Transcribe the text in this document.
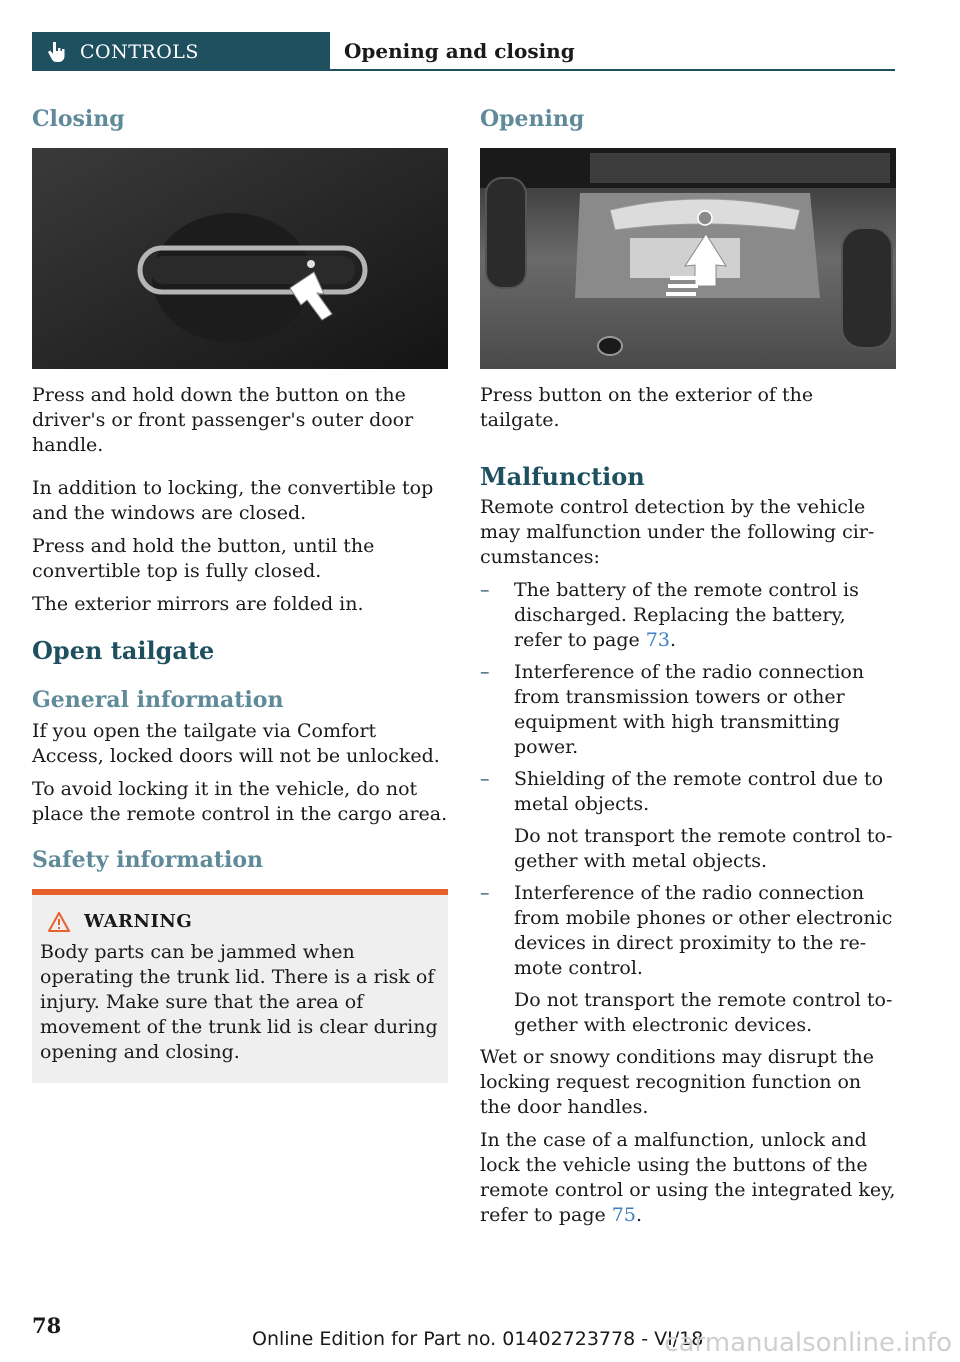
CONTROLS	Opening and closing
Closing

Press and hold down the button on the driver's or front passenger's outer door handle.

In addition to locking, the convertible top and the windows are closed.

Press and hold the button, until the convertible top is fully closed.

The exterior mirrors are folded in.

Open tailgate
General information

If you open the tailgate via Comfort Access, locked doors will not be unlocked.

To avoid locking it in the vehicle, do not place the remote control in the cargo area.

Safety information
WARNING

Body parts can be jammed when operating the trunk lid. There is a risk of injury. Make sure that the area of movement of the trunk lid is clear during opening and closing.

Opening

Press button on the exterior of the tailgate.

Malfunction

Remote control detection by the vehicle may malfunction under the following circumstances:

– The battery of the remote control is discharged. Replacing the battery, refer to page 73.
– Interference of the radio connection from transmission towers or other equipment with high transmitting power.
– Shielding of the remote control due to metal objects.
Do not transport the remote control together with metal objects.
– Interference of the radio connection from mobile phones or other electronic devices in direct proximity to the remote control.
Do not transport the remote control together with electronic devices.

Wet or snowy conditions may disrupt the locking request recognition function on the door handles.

In the case of a malfunction, unlock and lock the vehicle using the buttons of the remote control or using the integrated key, refer to page 75.

78
Online Edition for Part no. 01402723778 - VI/18
carmanualsonline.info
